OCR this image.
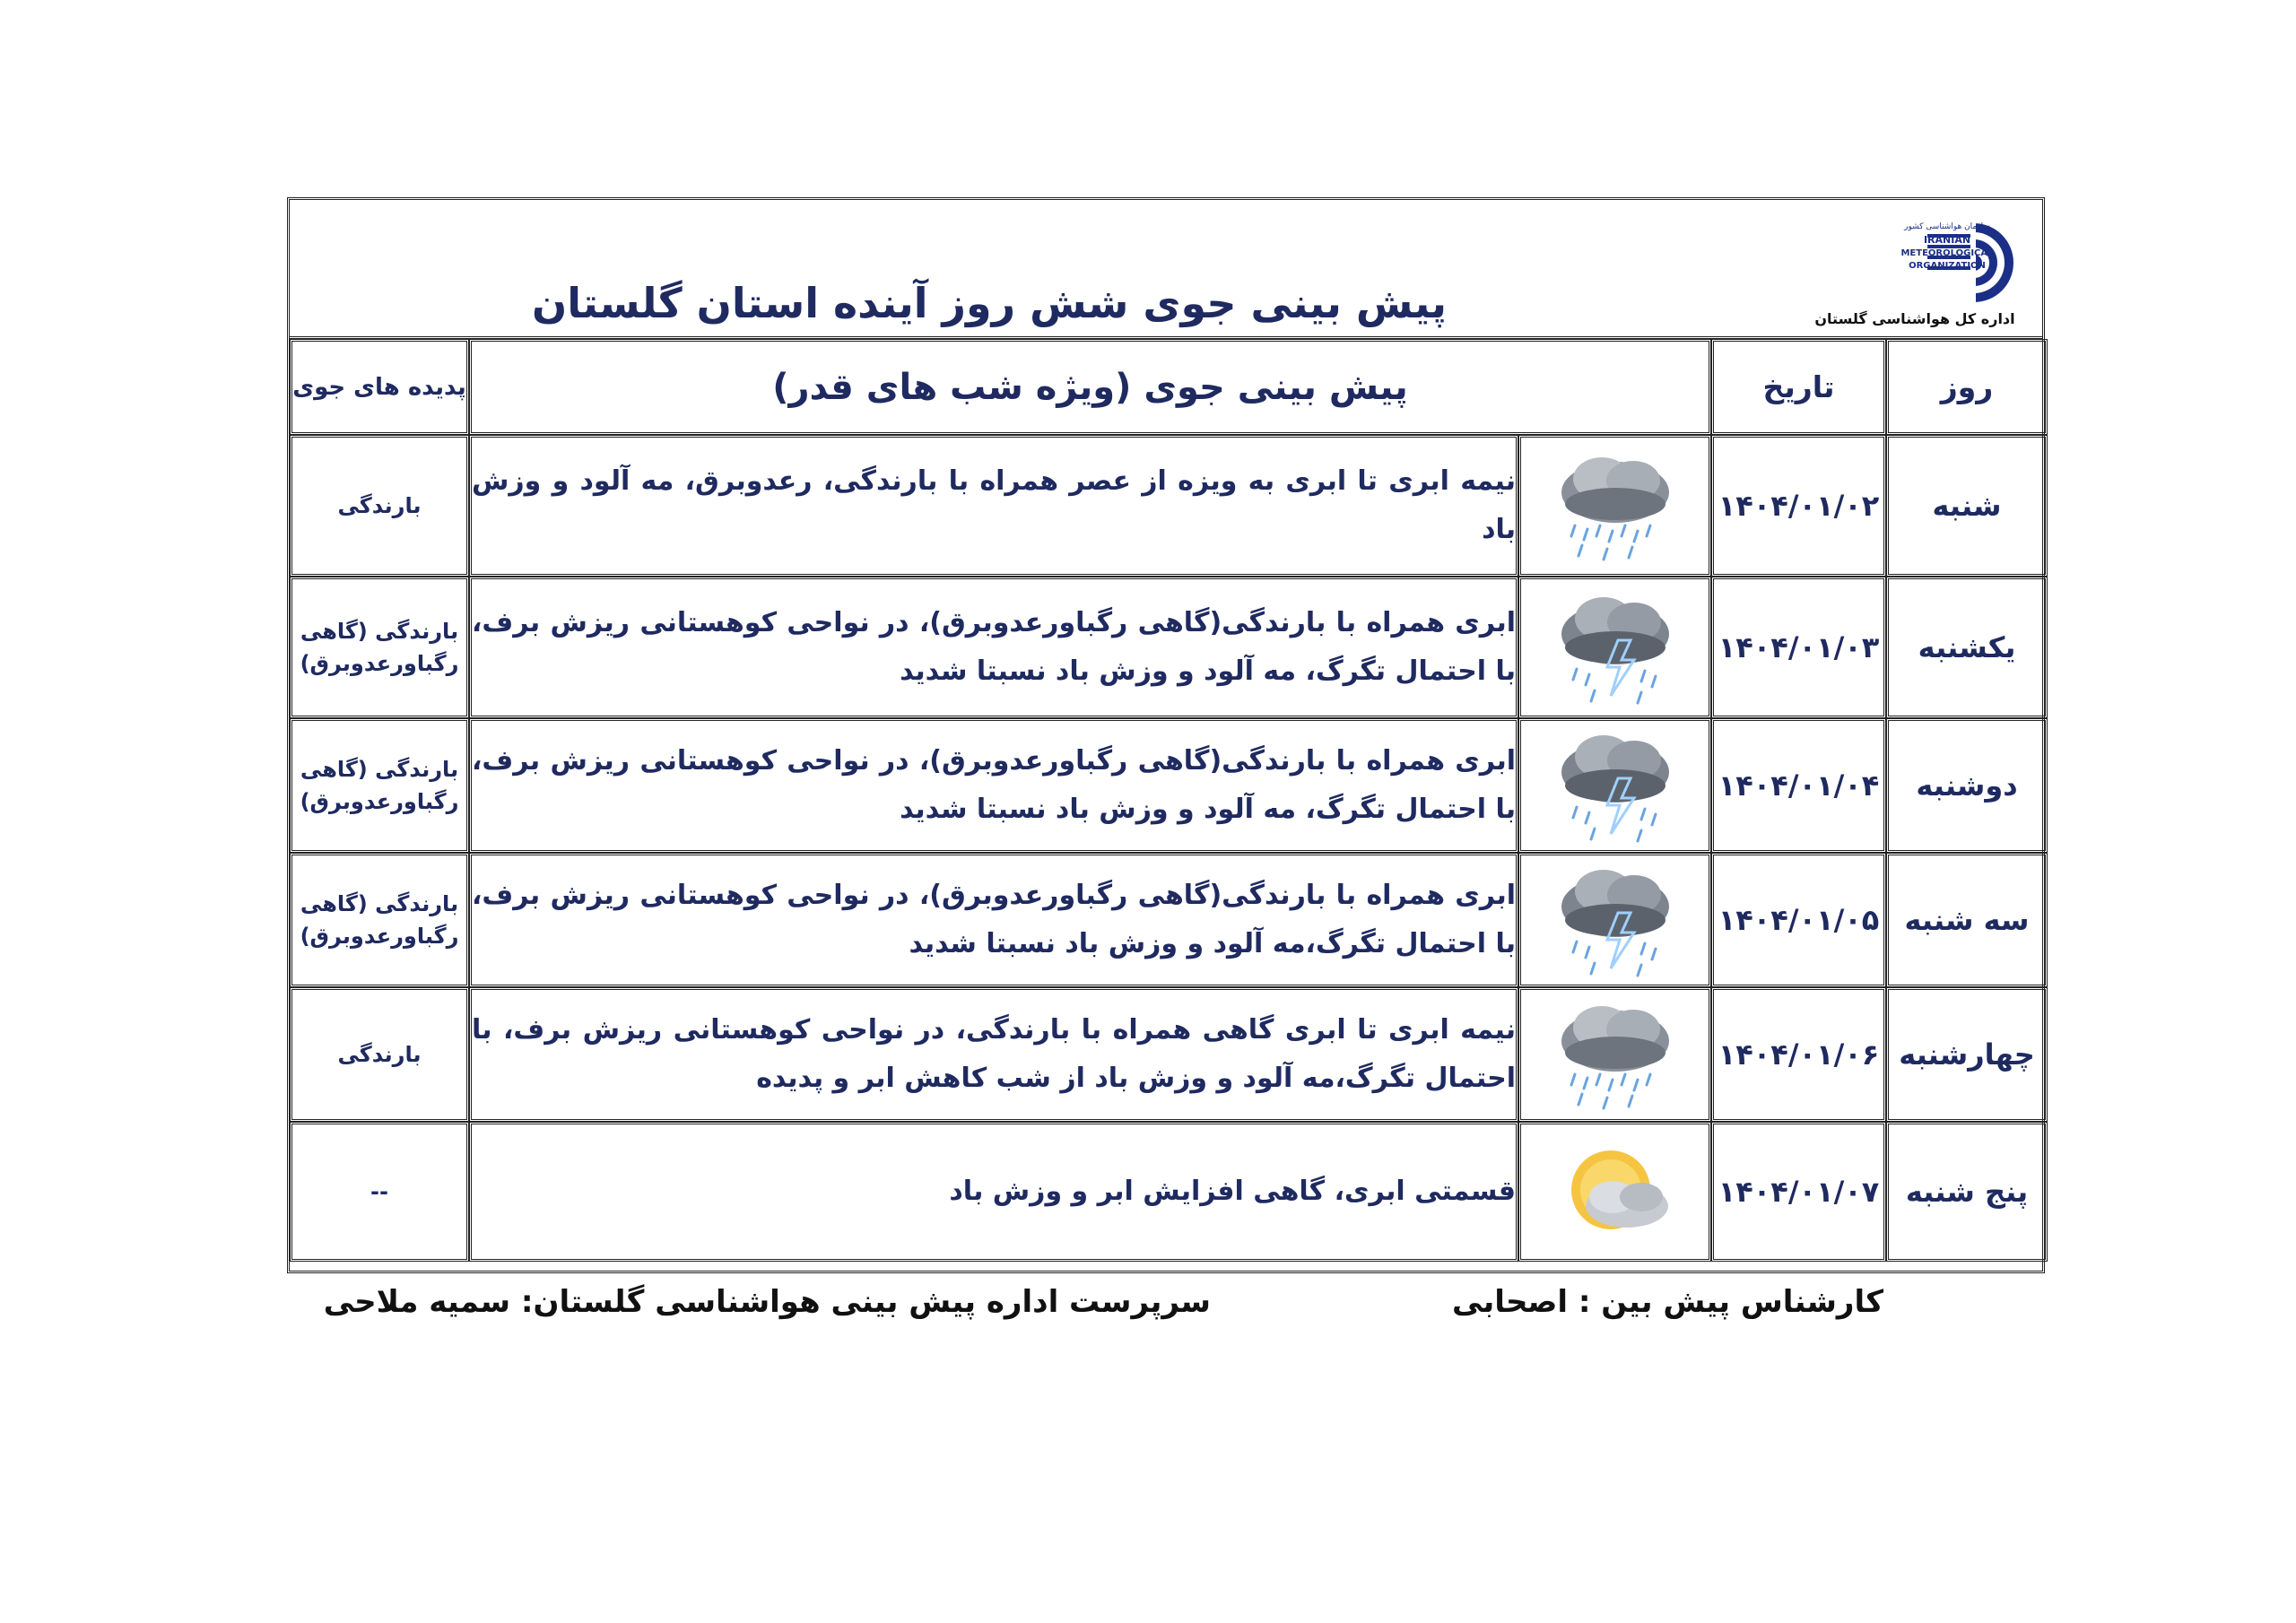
پیش بینی جوی شش روز آینده استان گلستان
سازمان هواشناسی کشور
IRANIAN
METEOROLOGICAL
ORGANIZATION
اداره کل هواشناسی گلستان
روز	تاریخ	پیش بینی جوی (ویژه شب های قدر)		پدیده های جوی
شنبه	۱۴۰۴/۰۱/۰۲		نیمه ابری تا ابری به ویزه از عصر همراه با بارندگی، رعدوبرق، مه آلود و وزش باد	بارندگی
یکشنبه	۱۴۰۴/۰۱/۰۳		ابری همراه با بارندگی(گاهی رگباورعدوبرق)، در نواحی کوهستانی ریزش برف، با احتمال تگرگ، مه آلود و وزش باد نسبتا شدید	بارندگی (گاهی رگباورعدوبرق)
دوشنبه	۱۴۰۴/۰۱/۰۴		ابری همراه با بارندگی(گاهی رگباورعدوبرق)، در نواحی کوهستانی ریزش برف، با احتمال تگرگ، مه آلود و وزش باد نسبتا شدید	بارندگی (گاهی رگباورعدوبرق)
سه شنبه	۱۴۰۴/۰۱/۰۵		ابری همراه با بارندگی(گاهی رگباورعدوبرق)، در نواحی کوهستانی ریزش برف، با احتمال تگرگ،مه آلود و وزش باد نسبتا شدید	بارندگی (گاهی رگباورعدوبرق)
چهارشنبه	۱۴۰۴/۰۱/۰۶		نیمه ابری تا ابری گاهی همراه با بارندگی، در نواحی کوهستانی ریزش برف، با احتمال تگرگ،مه آلود و وزش باد از شب کاهش ابر و پدیده	بارندگی
پنج شنبه	۱۴۰۴/۰۱/۰۷		قسمتی ابری، گاهی افزایش ابر و وزش باد	--
سرپرست اداره پیش بینی هواشناسی گلستان: سمیه ملاحی	کارشناس پیش بین : اصحابی
